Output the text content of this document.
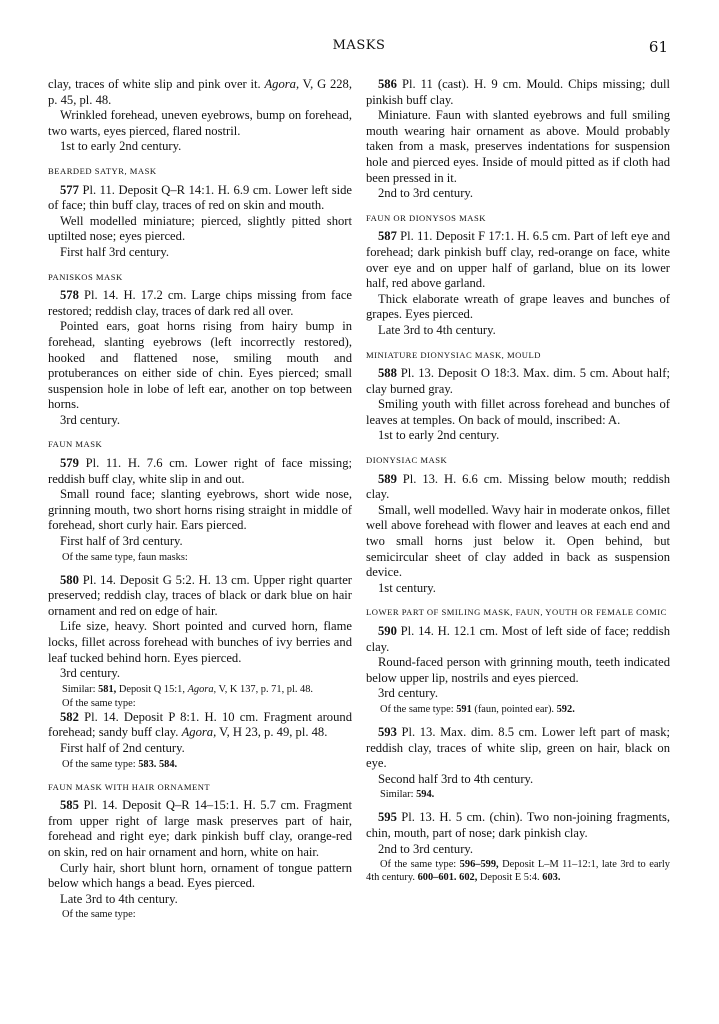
MASKS	61

clay, traces of white slip and pink over it. Agora, V, G 228, p. 45, pl. 48.

Wrinkled forehead, uneven eyebrows, bump on forehead, two warts, eyes pierced, flared nostril.

1st to early 2nd century.

BEARDED SATYR, MASK

577 Pl. 11. Deposit Q–R 14:1. H. 6.9 cm. Lower left side of face; thin buff clay, traces of red on skin and mouth.

Well modelled miniature; pierced, slightly pitted short uptilted nose; eyes pierced.

First half 3rd century.

PANISKOS MASK

578 Pl. 14. H. 17.2 cm. Large chips missing from face restored; reddish clay, traces of dark red all over.

Pointed ears, goat horns rising from hairy bump in forehead, slanting eyebrows (left incorrectly restored), hooked and flattened nose, smiling mouth and protuberances on either side of chin. Eyes pierced; small suspension hole in lobe of left ear, another on top between horns.

3rd century.

FAUN MASK

579 Pl. 11. H. 7.6 cm. Lower right of face missing; reddish buff clay, white slip in and out.

Small round face; slanting eyebrows, short wide nose, grinning mouth, two short horns rising straight in middle of forehead, short curly hair. Ears pierced.

First half of 3rd century.

Of the same type, faun masks:

580 Pl. 14. Deposit G 5:2. H. 13 cm. Upper right quarter preserved; reddish clay, traces of black or dark blue on hair ornament and red on edge of hair.

Life size, heavy. Short pointed and curved horn, flame locks, fillet across forehead with bunches of ivy berries and leaf tucked behind horn. Eyes pierced.

3rd century.

Similar: 581, Deposit Q 15:1, Agora, V, K 137, p. 71, pl. 48.

Of the same type:

582 Pl. 14. Deposit P 8:1. H. 10 cm. Fragment around forehead; sandy buff clay. Agora, V, H 23, p. 49, pl. 48.

First half of 2nd century.

Of the same type: 583. 584.

FAUN MASK WITH HAIR ORNAMENT

585 Pl. 14. Deposit Q–R 14–15:1. H. 5.7 cm. Fragment from upper right of large mask preserves part of hair, forehead and right eye; dark pinkish buff clay, orange-red on skin, red on hair ornament and horn, white on hair.

Curly hair, short blunt horn, ornament of tongue pattern below which hangs a bead. Eyes pierced.

Late 3rd to 4th century.

Of the same type:

586 Pl. 11 (cast). H. 9 cm. Mould. Chips missing; dull pinkish buff clay.

Miniature. Faun with slanted eyebrows and full smiling mouth wearing hair ornament as above. Mould probably taken from a mask, preserves indentations for suspension hole and pierced eyes. Inside of mould pitted as if cloth had been pressed in it.

2nd to 3rd century.

FAUN OR DIONYSOS MASK

587 Pl. 11. Deposit F 17:1. H. 6.5 cm. Part of left eye and forehead; dark pinkish buff clay, red-orange on face, white over eye and on upper half of garland, blue on its lower half, red above garland.

Thick elaborate wreath of grape leaves and bunches of grapes. Eyes pierced.

Late 3rd to 4th century.

MINIATURE DIONYSIAC MASK, MOULD

588 Pl. 13. Deposit O 18:3. Max. dim. 5 cm. About half; clay burned gray.

Smiling youth with fillet across forehead and bunches of leaves at temples. On back of mould, inscribed: A.

1st to early 2nd century.

DIONYSIAC MASK

589 Pl. 13. H. 6.6 cm. Missing below mouth; reddish clay.

Small, well modelled. Wavy hair in moderate onkos, fillet well above forehead with flower and leaves at each end and two small horns just below it. Open behind, but semicircular sheet of clay added in back as suspension device.

1st century.

LOWER PART OF SMILING MASK, FAUN, YOUTH OR FEMALE COMIC

590 Pl. 14. H. 12.1 cm. Most of left side of face; reddish clay.

Round-faced person with grinning mouth, teeth indicated below upper lip, nostrils and eyes pierced.

3rd century.

Of the same type: 591 (faun, pointed ear). 592.

593 Pl. 13. Max. dim. 8.5 cm. Lower left part of mask; reddish clay, traces of white slip, green on hair, black on eye.

Second half 3rd to 4th century.

Similar: 594.

595 Pl. 13. H. 5 cm. (chin). Two non-joining fragments, chin, mouth, part of nose; dark pinkish clay.

2nd to 3rd century.

Of the same type: 596–599, Deposit L–M 11–12:1, late 3rd to early 4th century. 600–601. 602, Deposit E 5:4. 603.
